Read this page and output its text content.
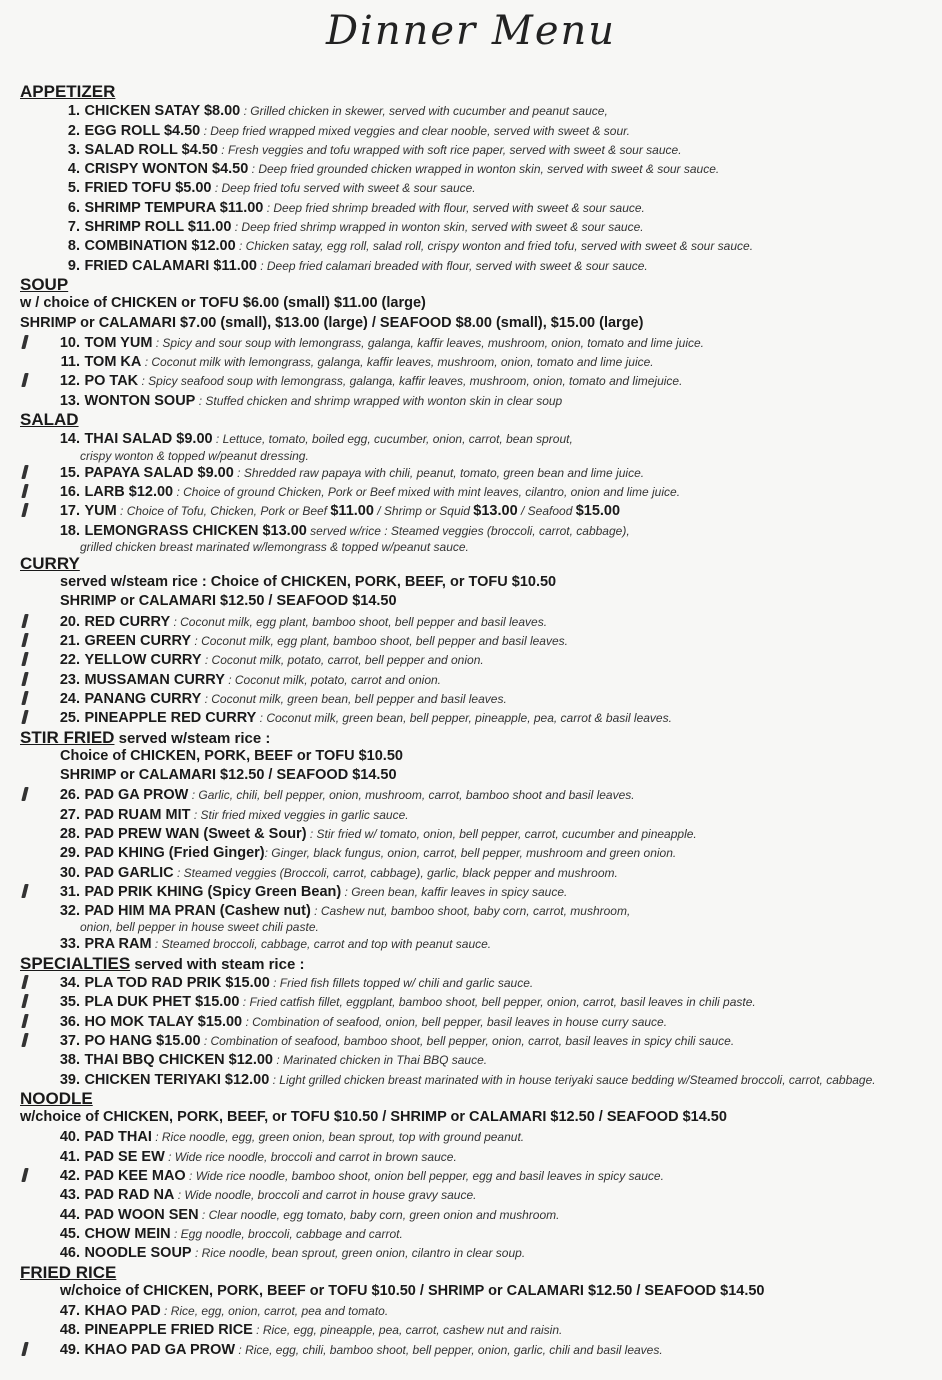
Dinner Menu
APPETIZER
1. CHICKEN SATAY $8.00 : Grilled chicken in skewer, served with cucumber and peanut sauce,
2. EGG ROLL $4.50 : Deep fried wrapped mixed veggies and clear nooble, served with sweet & sour.
3. SALAD ROLL $4.50 : Fresh veggies and tofu wrapped with soft rice paper, served with sweet & sour sauce.
4. CRISPY WONTON $4.50 : Deep fried grounded chicken wrapped in wonton skin, served with sweet & sour sauce.
5. FRIED TOFU $5.00 : Deep fried tofu served with sweet & sour sauce.
6. SHRIMP TEMPURA $11.00 : Deep fried shrimp breaded with flour, served with sweet & sour sauce.
7. SHRIMP ROLL $11.00 : Deep fried shrimp wrapped in wonton skin, served with sweet & sour sauce.
8. COMBINATION $12.00 : Chicken satay, egg roll, salad roll, crispy wonton and fried tofu, served with sweet & sour sauce.
9. FRIED CALAMARI $11.00 : Deep fried calamari breaded with flour, served with sweet & sour sauce.
SOUP
w / choice of CHICKEN or TOFU $6.00 (small) $11.00 (large)
SHRIMP or CALAMARI $7.00 (small), $13.00 (large) / SEAFOOD $8.00 (small), $15.00 (large)
10. TOM YUM : Spicy and sour soup with lemongrass, galanga, kaffir leaves, mushroom, onion, tomato and lime juice.
11. TOM KA : Coconut milk with lemongrass, galanga, kaffir leaves, mushroom, onion, tomato and lime juice.
12. PO TAK : Spicy seafood soup with lemongrass, galanga, kaffir leaves, mushroom, onion, tomato and limejuice.
13. WONTON SOUP : Stuffed chicken and shrimp wrapped with wonton skin in clear soup
SALAD
14. THAI SALAD $9.00 : Lettuce, tomato, boiled egg, cucumber, onion, carrot, bean sprout,
crispy wonton & topped w/peanut dressing.
15. PAPAYA SALAD $9.00 : Shredded raw papaya with chili, peanut, tomato, green bean and lime juice.
16. LARB $12.00 : Choice of ground Chicken, Pork or Beef mixed with mint leaves, cilantro, onion and lime juice.
17. YUM : Choice of Tofu, Chicken, Pork or Beef $11.00 / Shrimp or Squid $13.00 / Seafood $15.00
18. LEMONGRASS CHICKEN $13.00 served w/rice : Steamed veggies (broccoli, carrot, cabbage),
grilled chicken breast marinated w/lemongrass & topped w/peanut sauce.
CURRY
served w/steam rice : Choice of CHICKEN, PORK, BEEF, or TOFU $10.50
SHRIMP or CALAMARI $12.50 / SEAFOOD $14.50
20. RED CURRY : Coconut milk, egg plant, bamboo shoot, bell pepper and basil leaves.
21. GREEN CURRY : Coconut milk, egg plant, bamboo shoot, bell pepper and basil leaves.
22. YELLOW CURRY : Coconut milk, potato, carrot, bell pepper and onion.
23. MUSSAMAN CURRY : Coconut milk, potato, carrot and onion.
24. PANANG CURRY : Coconut milk, green bean, bell pepper and basil leaves.
25. PINEAPPLE RED CURRY : Coconut milk, green bean, bell pepper, pineapple, pea, carrot & basil leaves.
STIR FRIED served w/steam rice :
Choice of CHICKEN, PORK, BEEF or TOFU $10.50
SHRIMP or CALAMARI $12.50 / SEAFOOD $14.50
26. PAD GA PROW : Garlic, chili, bell pepper, onion, mushroom, carrot, bamboo shoot and basil leaves.
27. PAD RUAM MIT : Stir fried mixed veggies in garlic sauce.
28. PAD PREW WAN (Sweet & Sour) : Stir fried w/ tomato, onion, bell pepper, carrot, cucumber and pineapple.
29. PAD KHING (Fried Ginger): Ginger, black fungus, onion, carrot, bell pepper, mushroom and green onion.
30. PAD GARLIC : Steamed veggies (Broccoli, carrot, cabbage), garlic, black pepper and mushroom.
31. PAD PRIK KHING (Spicy Green Bean) : Green bean, kaffir leaves in spicy sauce.
32. PAD HIM MA PRAN (Cashew nut) : Cashew nut, bamboo shoot, baby corn, carrot, mushroom,
onion, bell pepper in house sweet chili paste.
33. PRA RAM : Steamed broccoli, cabbage, carrot and top with peanut sauce.
SPECIALTIES served with steam rice :
34. PLA TOD RAD PRIK $15.00 : Fried fish fillets topped w/ chili and garlic sauce.
35. PLA DUK PHET $15.00 : Fried catfish fillet, eggplant, bamboo shoot, bell pepper, onion, carrot, basil leaves in chili paste.
36. HO MOK TALAY $15.00 : Combination of seafood, onion, bell pepper, basil leaves in house curry sauce.
37. PO HANG $15.00 : Combination of seafood, bamboo shoot, bell pepper, onion, carrot, basil leaves in spicy chili sauce.
38. THAI BBQ CHICKEN $12.00 : Marinated chicken in Thai BBQ sauce.
39. CHICKEN TERIYAKI $12.00 : Light grilled chicken breast marinated with in house teriyaki sauce bedding w/Steamed broccoli, carrot, cabbage.
NOODLE
w/choice of CHICKEN, PORK, BEEF, or TOFU $10.50 / SHRIMP or CALAMARI $12.50 / SEAFOOD $14.50
40. PAD THAI : Rice noodle, egg, green onion, bean sprout, top with ground peanut.
41. PAD SE EW : Wide rice noodle, broccoli and carrot in brown sauce.
42. PAD KEE MAO : Wide rice noodle, bamboo shoot, onion bell pepper, egg and basil leaves in spicy sauce.
43. PAD RAD NA : Wide noodle, broccoli and carrot in house gravy sauce.
44. PAD WOON SEN : Clear noodle, egg tomato, baby corn, green onion and mushroom.
45. CHOW MEIN : Egg noodle, broccoli, cabbage and carrot.
46. NOODLE SOUP : Rice noodle, bean sprout, green onion, cilantro in clear soup.
FRIED RICE
w/choice of CHICKEN, PORK, BEEF or TOFU $10.50 / SHRIMP or CALAMARI $12.50 / SEAFOOD $14.50
47. KHAO PAD : Rice, egg, onion, carrot, pea and tomato.
48. PINEAPPLE FRIED RICE : Rice, egg, pineapple, pea, carrot, cashew nut and raisin.
49. KHAO PAD GA PROW : Rice, egg, chili, bamboo shoot, bell pepper, onion, garlic, chili and basil leaves.
